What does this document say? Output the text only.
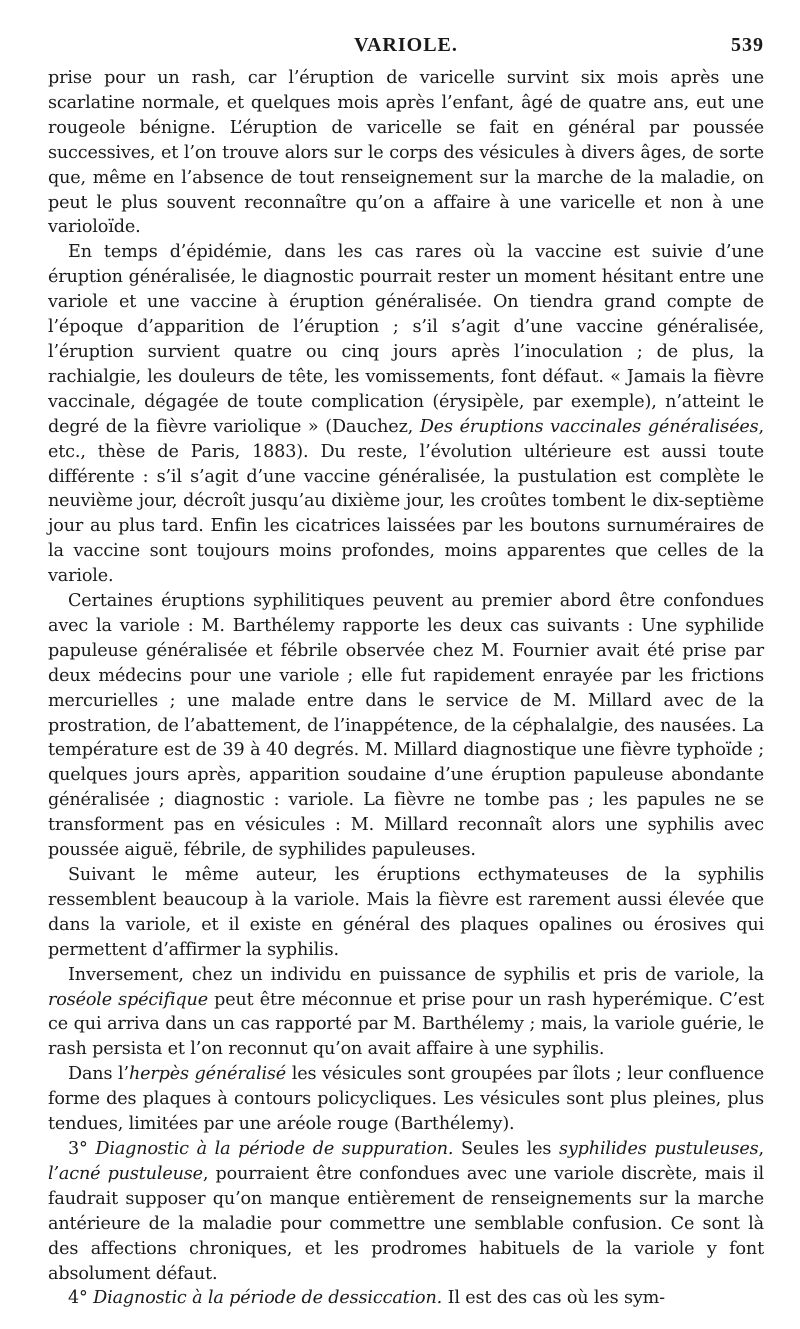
VARIOLE.	539

prise pour un rash, car l’éruption de varicelle survint six mois après une scarlatine normale, et quelques mois après l’enfant, âgé de quatre ans, eut une rougeole bénigne. L’éruption de varicelle se fait en général par poussée successives, et l’on trouve alors sur le corps des vésicules à divers âges, de sorte que, même en l’absence de tout renseignement sur la marche de la maladie, on peut le plus souvent reconnaître qu’on a affaire à une varicelle et non à une varioloïde.

En temps d’épidémie, dans les cas rares où la vaccine est suivie d’une éruption généralisée, le diagnostic pourrait rester un moment hésitant entre une variole et une vaccine à éruption généralisée. On tiendra grand compte de l’époque d’apparition de l’éruption ; s’il s’agit d’une vaccine généralisée, l’éruption survient quatre ou cinq jours après l’inoculation ; de plus, la rachialgie, les douleurs de tête, les vomissements, font défaut. « Jamais la fièvre vaccinale, dégagée de toute complication (érysipèle, par exemple), n’atteint le degré de la fièvre variolique » (Dauchez, Des éruptions vaccinales généralisées, etc., thèse de Paris, 1883). Du reste, l’évolution ultérieure est aussi toute différente : s’il s’agit d’une vaccine généralisée, la pustulation est complète le neuvième jour, décroît jusqu’au dixième jour, les croûtes tombent le dix-septième jour au plus tard. Enfin les cicatrices laissées par les boutons surnuméraires de la vaccine sont toujours moins profondes, moins apparentes que celles de la variole.

Certaines éruptions syphilitiques peuvent au premier abord être confondues avec la variole : M. Barthélemy rapporte les deux cas suivants : Une syphilide papuleuse généralisée et fébrile observée chez M. Fournier avait été prise par deux médecins pour une variole ; elle fut rapidement enrayée par les frictions mercurielles ; une malade entre dans le service de M. Millard avec de la prostration, de l’abattement, de l’inappétence, de la céphalalgie, des nausées. La température est de 39 à 40 degrés. M. Millard diagnostique une fièvre typhoïde ; quelques jours après, apparition soudaine d’une éruption papuleuse abondante généralisée ; diagnostic : variole. La fièvre ne tombe pas ; les papules ne se transforment pas en vésicules : M. Millard reconnaît alors une syphilis avec poussée aiguë, fébrile, de syphilides papuleuses.

Suivant le même auteur, les éruptions ecthymateuses de la syphilis ressemblent beaucoup à la variole. Mais la fièvre est rarement aussi élevée que dans la variole, et il existe en général des plaques opalines ou érosives qui permettent d’affirmer la syphilis.

Inversement, chez un individu en puissance de syphilis et pris de variole, la roséole spécifique peut être méconnue et prise pour un rash hyperémique. C’est ce qui arriva dans un cas rapporté par M. Barthélemy ; mais, la variole guérie, le rash persista et l’on reconnut qu’on avait affaire à une syphilis.

Dans l’herpès généralisé les vésicules sont groupées par îlots ; leur confluence forme des plaques à contours policycliques. Les vésicules sont plus pleines, plus tendues, limitées par une aréole rouge (Barthélemy).

3° Diagnostic à la période de suppuration. Seules les syphilides pustuleuses, l’acné pustuleuse, pourraient être confondues avec une variole discrète, mais il faudrait supposer qu’on manque entièrement de renseignements sur la marche antérieure de la maladie pour commettre une semblable confusion. Ce sont là des affections chroniques, et les prodromes habituels de la variole y font absolument défaut.

4° Diagnostic à la période de dessiccation. Il est des cas où les sym-
